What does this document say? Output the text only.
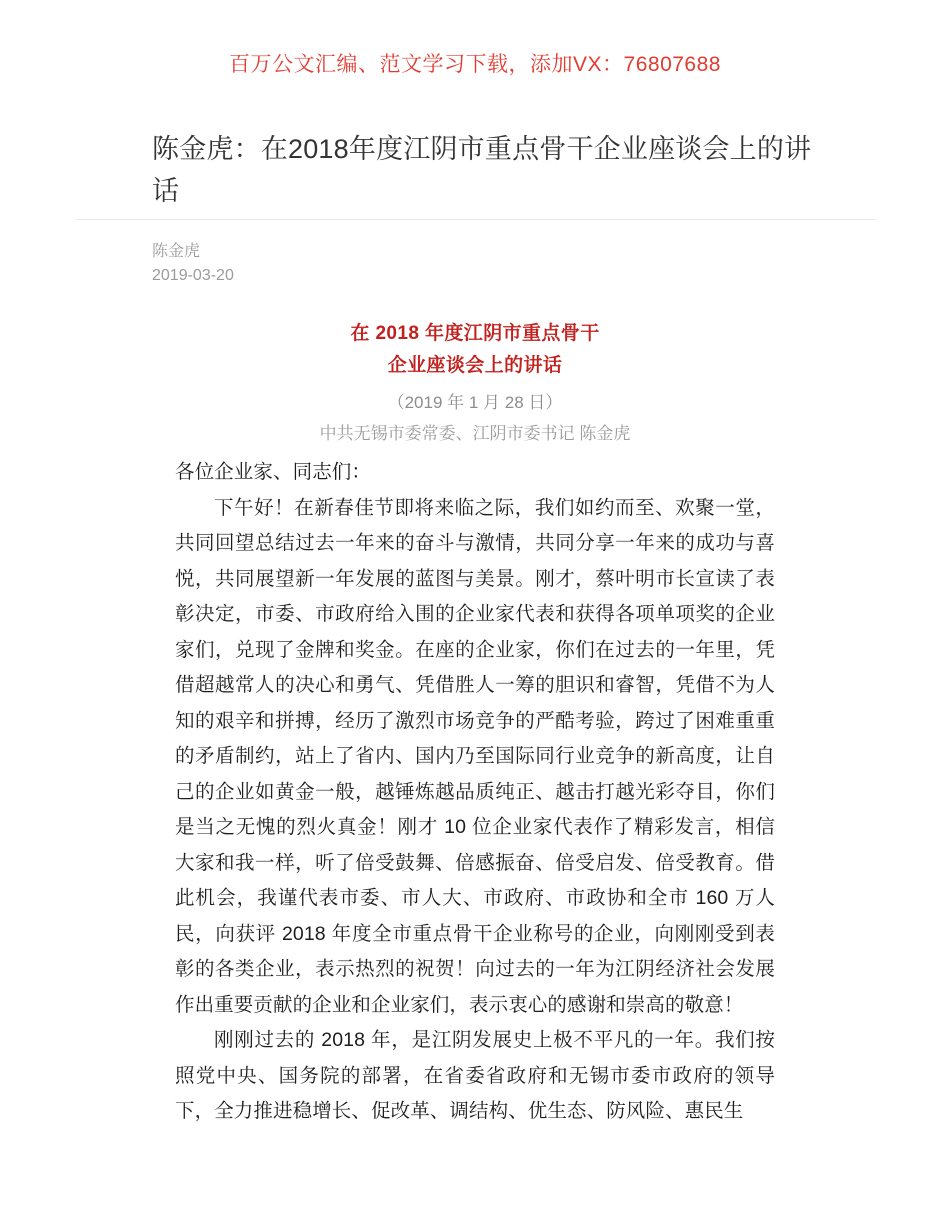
百万公文汇编、范文学习下载，添加VX：76807688
陈金虎：在2018年度江阴市重点骨干企业座谈会上的讲话
陈金虎
2019-03-20
在 2018 年度江阴市重点骨干
企业座谈会上的讲话
（2019 年 1 月 28 日）
中共无锡市委常委、江阴市委书记 陈金虎

各位企业家、同志们：

下午好！在新春佳节即将来临之际，我们如约而至、欢聚一堂，共同回望总结过去一年来的奋斗与激情，共同分享一年来的成功与喜悦，共同展望新一年发展的蓝图与美景。刚才，蔡叶明市长宣读了表彰决定，市委、市政府给入围的企业家代表和获得各项单项奖的企业家们，兑现了金牌和奖金。在座的企业家，你们在过去的一年里，凭借超越常人的决心和勇气、凭借胜人一筹的胆识和睿智，凭借不为人知的艰辛和拼搏，经历了激烈市场竞争的严酷考验，跨过了困难重重的矛盾制约，站上了省内、国内乃至国际同行业竞争的新高度，让自己的企业如黄金一般，越锤炼越品质纯正、越击打越光彩夺目，你们是当之无愧的烈火真金！刚才 10 位企业家代表作了精彩发言，相信大家和我一样，听了倍受鼓舞、倍感振奋、倍受启发、倍受教育。借此机会，我谨代表市委、市人大、市政府、市政协和全市 160 万人民，向获评 2018 年度全市重点骨干企业称号的企业，向刚刚受到表彰的各类企业，表示热烈的祝贺！向过去的一年为江阴经济社会发展作出重要贡献的企业和企业家们，表示衷心的感谢和崇高的敬意！

刚刚过去的 2018 年，是江阴发展史上极不平凡的一年。我们按照党中央、国务院的部署，在省委省政府和无锡市委市政府的领导下，全力推进稳增长、促改革、调结构、优生态、防风险、惠民生
